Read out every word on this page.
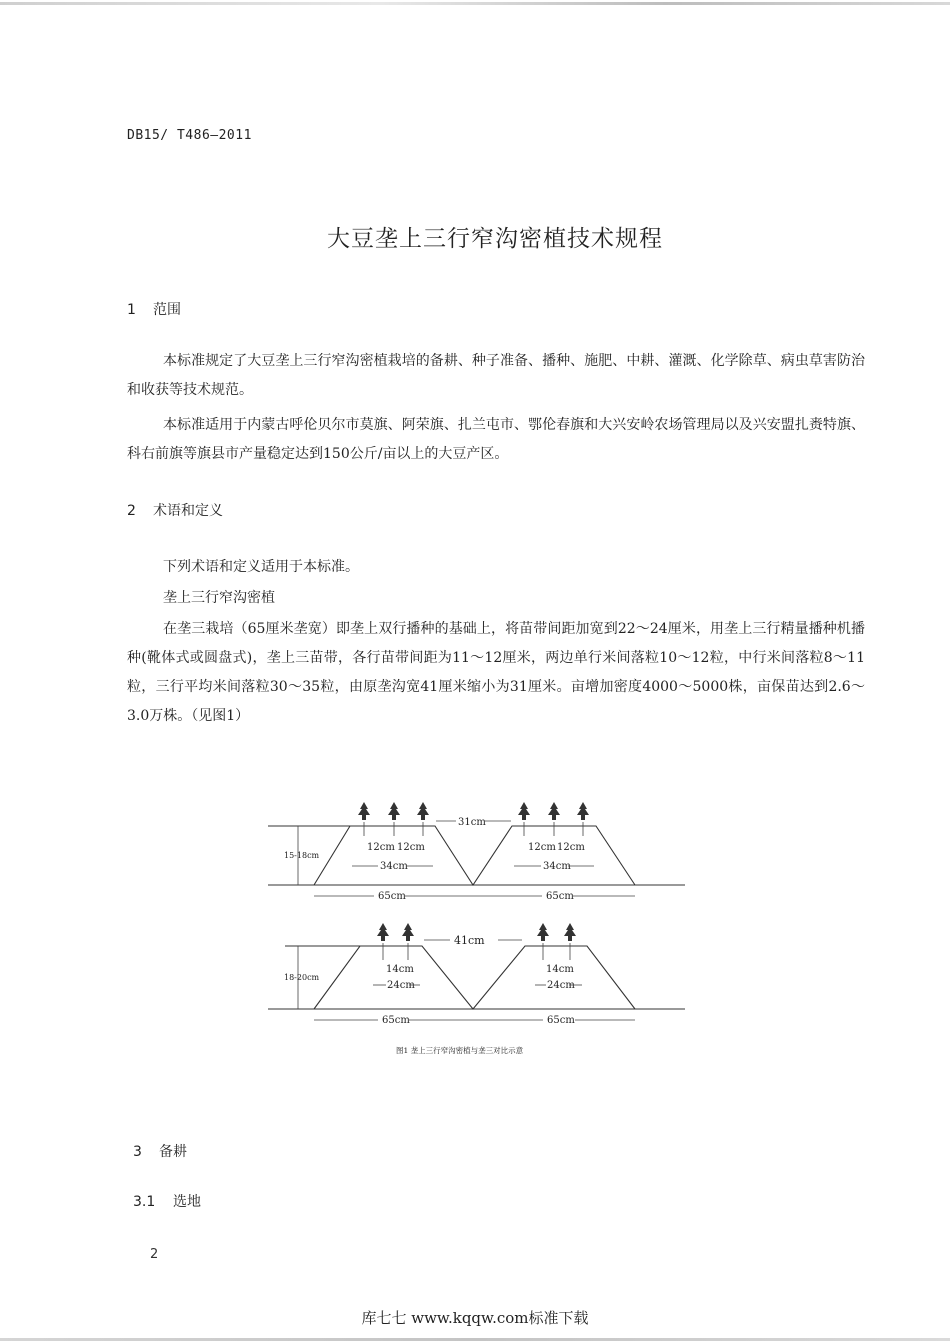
DB15/ T486—2011
大豆垄上三行窄沟密植技术规程
1 范围
本标准规定了大豆垄上三行窄沟密植栽培的备耕、种子准备、播种、施肥、中耕、灌溉、化学除草、病虫草害防治和收获等技术规范。
本标准适用于内蒙古呼伦贝尔市莫旗、阿荣旗、扎兰屯市、鄂伦春旗和大兴安岭农场管理局以及兴安盟扎赉特旗、科右前旗等旗县市产量稳定达到150公斤/亩以上的大豆产区。
2 术语和定义
下列术语和定义适用于本标准。
垄上三行窄沟密植
在垄三栽培（65厘米垄宽）即垄上双行播种的基础上，将苗带间距加宽到22～24厘米，用垄上三行精量播种机播种(靴体式或圆盘式)，垄上三苗带，各行苗带间距为11～12厘米，两边单行米间落粒10～12粒，中行米间落粒8～11粒，三行平均米间落粒30～35粒，由原垄沟宽41厘米缩小为31厘米。亩增加密度4000～5000株，亩保苗达到2.6～3.0万株。（见图1）
15-18cm
12cm 12cm	12cm 12cm
34cm	34cm
31cm
65cm	65cm
18-20cm
14cm	14cm
24cm	24cm
41cm
65cm	65cm
图1 垄上三行窄沟密植与垄三对比示意
3 备耕
3.1 选地
2
库七七 www.kqqw.com标准下载
